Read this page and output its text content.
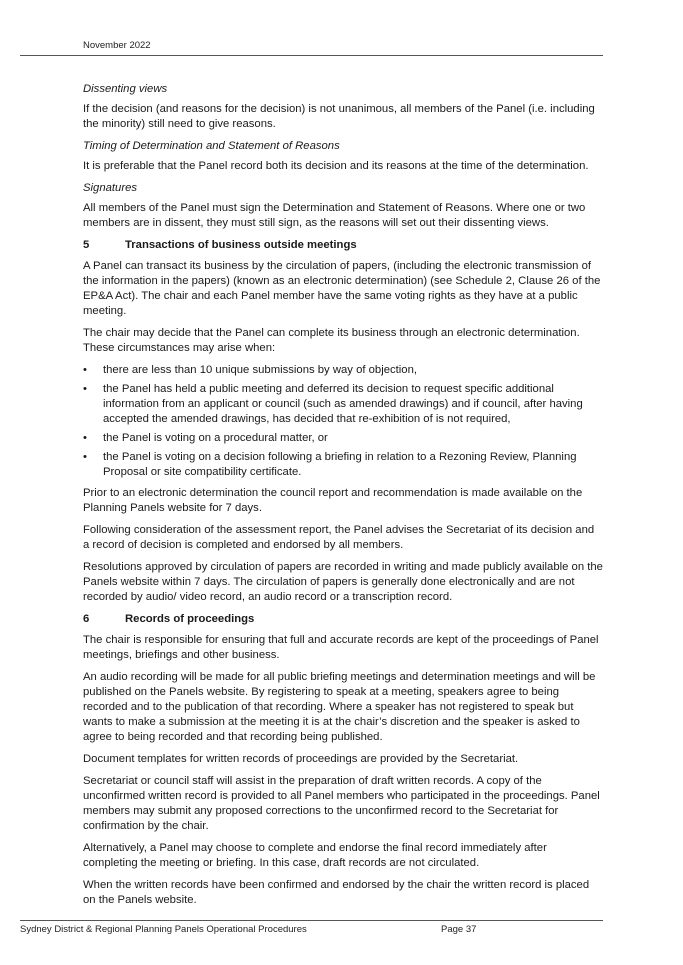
November 2022

Dissenting views

If the decision (and reasons for the decision) is not unanimous, all members of the Panel (i.e. including the minority) still need to give reasons.

Timing of Determination and Statement of Reasons

It is preferable that the Panel record both its decision and its reasons at the time of the determination.

Signatures

All members of the Panel must sign the Determination and Statement of Reasons. Where one or two members are in dissent, they must still sign, as the reasons will set out their dissenting views.

5	Transactions of business outside meetings

A Panel can transact its business by the circulation of papers, (including the electronic transmission of the information in the papers) (known as an electronic determination) (see Schedule 2, Clause 26 of the EP&A Act). The chair and each Panel member have the same voting rights as they have at a public meeting.

The chair may decide that the Panel can complete its business through an electronic determination. These circumstances may arise when:

•	there are less than 10 unique submissions by way of objection,
•	the Panel has held a public meeting and deferred its decision to request specific additional information from an applicant or council (such as amended drawings) and if council, after having accepted the amended drawings, has decided that re-exhibition of is not required,
•	the Panel is voting on a procedural matter, or
•	the Panel is voting on a decision following a briefing in relation to a Rezoning Review, Planning Proposal or site compatibility certificate.

Prior to an electronic determination the council report and recommendation is made available on the Planning Panels website for 7 days.

Following consideration of the assessment report, the Panel advises the Secretariat of its decision and a record of decision is completed and endorsed by all members.

Resolutions approved by circulation of papers are recorded in writing and made publicly available on the Panels website within 7 days. The circulation of papers is generally done electronically and are not recorded by audio/ video record, an audio record or a transcription record.

6	Records of proceedings

The chair is responsible for ensuring that full and accurate records are kept of the proceedings of Panel meetings, briefings and other business.

An audio recording will be made for all public briefing meetings and determination meetings and will be published on the Panels website. By registering to speak at a meeting, speakers agree to being recorded and to the publication of that recording. Where a speaker has not registered to speak but wants to make a submission at the meeting it is at the chair’s discretion and the speaker is asked to agree to being recorded and that recording being published.

Document templates for written records of proceedings are provided by the Secretariat.

Secretariat or council staff will assist in the preparation of draft written records. A copy of the unconfirmed written record is provided to all Panel members who participated in the proceedings. Panel members may submit any proposed corrections to the unconfirmed record to the Secretariat for confirmation by the chair.

Alternatively, a Panel may choose to complete and endorse the final record immediately after completing the meeting or briefing. In this case, draft records are not circulated.

When the written records have been confirmed and endorsed by the chair the written record is placed on the Panels website.

Sydney District & Regional Planning Panels Operational Procedures	Page 37
